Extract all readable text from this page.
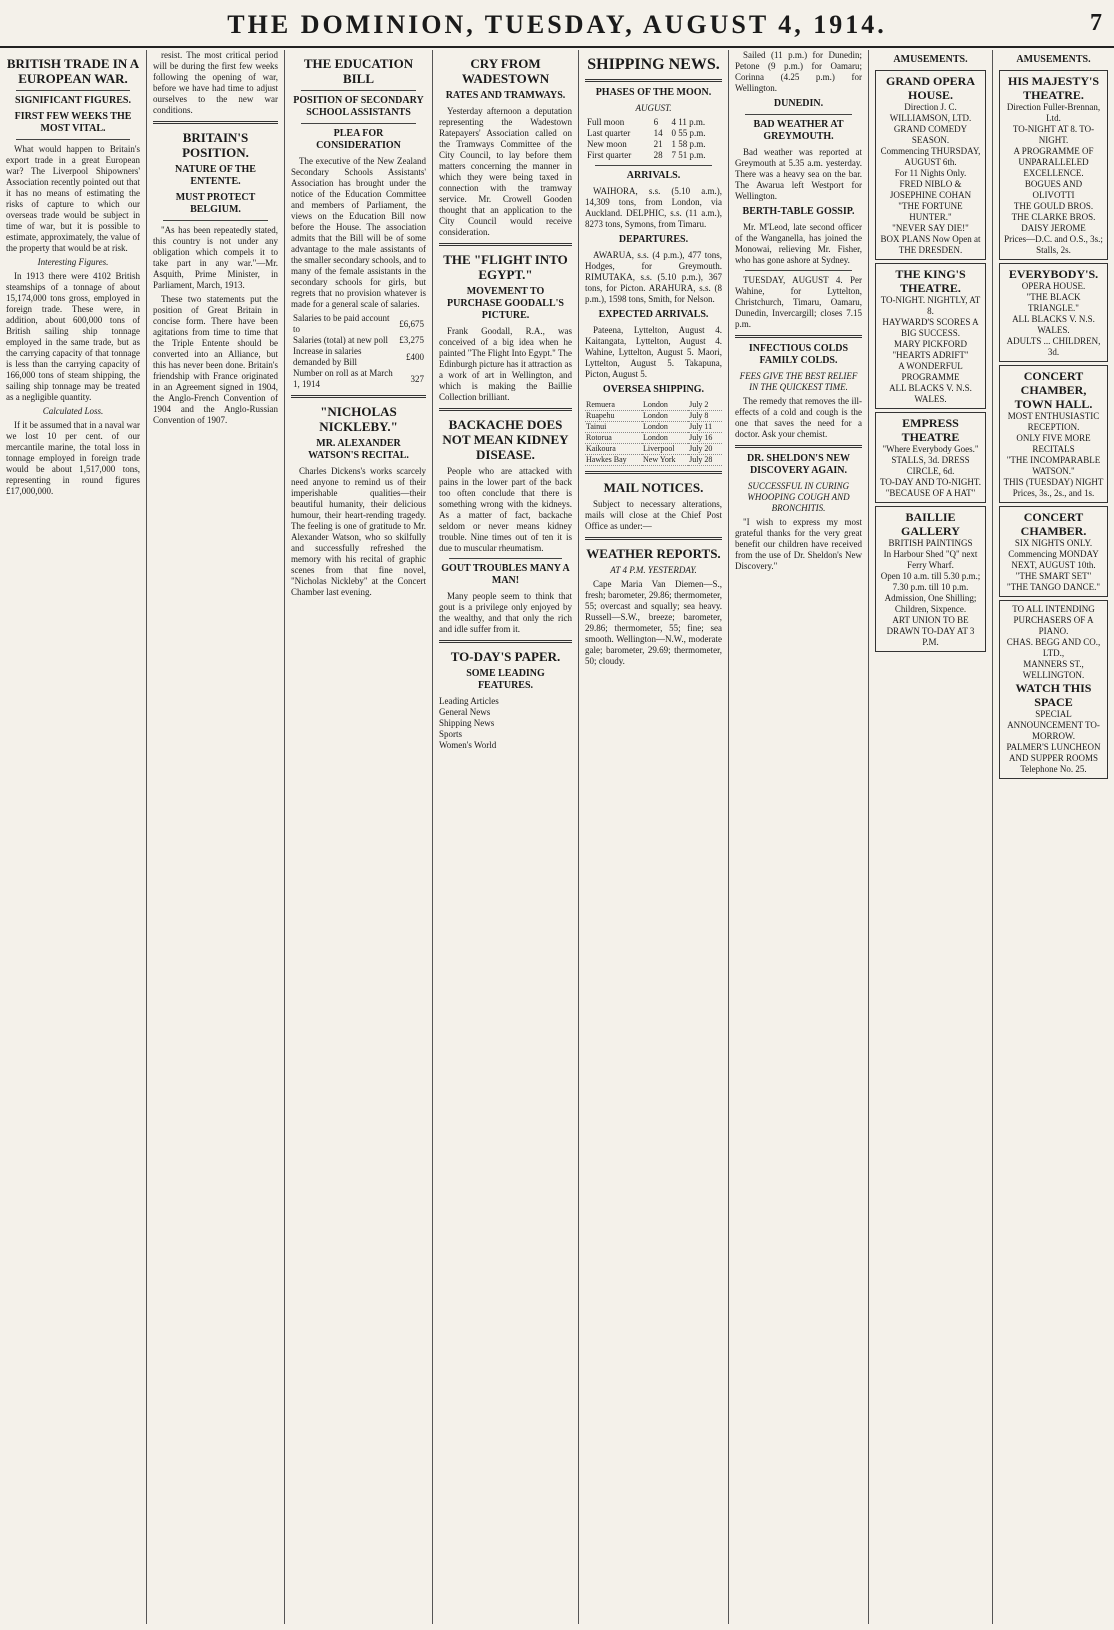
THE DOMINION, TUESDAY, AUGUST 4, 1914.	7
BRITISH TRADE IN A EUROPEAN WAR.
SIGNIFICANT FIGURES.
FIRST FEW WEEKS THE MOST VITAL.

What would happen to Britain's export trade in a great European war? The Liverpool Shipowners' Association recently pointed out that it has no means of estimating the risks of capture to which our overseas trade would be subject in time of war, but it is possible to estimate, approximately, the value of the property that would be at risk.

Interesting Figures.

In 1913 there were 4102 British steamships of a tonnage of about 15,174,000 tons gross, employed in foreign trade. These were, in addition, about 600,000 tons of British sailing ship tonnage employed in the same trade, but as the carrying capacity of that tonnage is less than the carrying capacity of 166,000 tons of steam shipping, the sailing ship tonnage may be treated as a negligible quantity.

Calculated Loss.

If it be assumed that in a naval war we lost 10 per cent. of our mercantile marine, the total loss in tonnage employed in foreign trade would be about 1,517,000 tons, representing in round figures £17,000,000.

resist. The most critical period will be during the first few weeks following the opening of war, before we have had time to adjust ourselves to the new war conditions.

BRITAIN'S POSITION.
NATURE OF THE ENTENTE.
MUST PROTECT BELGIUM.

"As has been repeatedly stated, this country is not under any obligation which compels it to take part in any war."—Mr. Asquith, Prime Minister, in Parliament, March, 1913.

These two statements put the position of Great Britain in concise form. There have been agitations from time to time that the Triple Entente should be converted into an Alliance, but this has never been done. Britain's friendship with France originated in an Agreement signed in 1904, the Anglo-French Convention of 1904 and the Anglo-Russian Convention of 1907.

THE EDUCATION BILL
POSITION OF SECONDARY SCHOOL ASSISTANTS
PLEA FOR CONSIDERATION

The executive of the New Zealand Secondary Schools Assistants' Association has brought under the notice of the Education Committee and members of Parliament, the views on the Education Bill now before the House. The association admits that the Bill will be of some advantage to the male assistants of the smaller secondary schools, and to many of the female assistants in the secondary schools for girls, but regrets that no provision whatever is made for a general scale of salaries.

Salaries to be paid account to	£6,675
Salaries (total) at new poll	£3,275
Increase in salaries demanded by Bill	£400
Number on roll as at March 1, 1914	327
"NICHOLAS NICKLEBY."
MR. ALEXANDER WATSON'S RECITAL.

Charles Dickens's works scarcely need anyone to remind us of their imperishable qualities—their beautiful humanity, their delicious humour, their heart-rending tragedy. The feeling is one of gratitude to Mr. Alexander Watson, who so skilfully and successfully refreshed the memory with his recital of graphic scenes from that fine novel, "Nicholas Nickleby" at the Concert Chamber last evening.

CRY FROM WADESTOWN
RATES AND TRAMWAYS.

Yesterday afternoon a deputation representing the Wadestown Ratepayers' Association called on the Tramways Committee of the City Council, to lay before them matters concerning the manner in which they were being taxed in connection with the tramway service. Mr. Crowell Gooden thought that an application to the City Council would receive consideration.

THE "FLIGHT INTO EGYPT."
MOVEMENT TO PURCHASE GOODALL'S PICTURE.

Frank Goodall, R.A., was conceived of a big idea when he painted "The Flight Into Egypt." The Edinburgh picture has it attraction as a work of art in Wellington, and which is making the Baillie Collection brilliant.

BACKACHE DOES NOT MEAN KIDNEY DISEASE.

People who are attacked with pains in the lower part of the back too often conclude that there is something wrong with the kidneys. As a matter of fact, backache seldom or never means kidney trouble. Nine times out of ten it is due to muscular rheumatism.

GOUT TROUBLES MANY A MAN!

Many people seem to think that gout is a privilege only enjoyed by the wealthy, and that only the rich and idle suffer from it.

TO-DAY'S PAPER.
SOME LEADING FEATURES.
Leading Articles
General News
Shipping News
Sports
Women's World
SHIPPING NEWS.
PHASES OF THE MOON.
AUGUST.
Full moon	6	4 11 p.m.
Last quarter	14	0 55 p.m.
New moon	21	1 58 p.m.
First quarter	28	7 51 p.m.
ARRIVALS.

WAIHORA, s.s. (5.10 a.m.), 14,309 tons, from London, via Auckland. DELPHIC, s.s. (11 a.m.), 8273 tons, Symons, from Timaru.

DEPARTURES.

AWARUA, s.s. (4 p.m.), 477 tons, Hodges, for Greymouth. RIMUTAKA, s.s. (5.10 p.m.), 367 tons, for Picton. ARAHURA, s.s. (8 p.m.), 1598 tons, Smith, for Nelson.

EXPECTED ARRIVALS.

Pateena, Lyttelton, August 4. Kaitangata, Lyttelton, August 4. Wahine, Lyttelton, August 5. Maori, Lyttelton, August 5. Takapuna, Picton, August 5.

OVERSEA SHIPPING.
Remuera	London	July 2
Ruapehu	London	July 8
Tainui	London	July 11
Rotorua	London	July 16
Kaikoura	Liverpool	July 20
Hawkes Bay	New York	July 28
MAIL NOTICES.

Subject to necessary alterations, mails will close at the Chief Post Office as under:—

WEATHER REPORTS.
AT 4 P.M. YESTERDAY.

Cape Maria Van Diemen—S., fresh; barometer, 29.86; thermometer, 55; overcast and squally; sea heavy. Russell—S.W., breeze; barometer, 29.86; thermometer, 55; fine; sea smooth. Wellington—N.W., moderate gale; barometer, 29.69; thermometer, 50; cloudy.

Sailed (11 p.m.) for Dunedin; Petone (9 p.m.) for Oamaru; Corinna (4.25 p.m.) for Wellington.

DUNEDIN.
BAD WEATHER AT GREYMOUTH.

Bad weather was reported at Greymouth at 5.35 a.m. yesterday. There was a heavy sea on the bar. The Awarua left Westport for Wellington.

BERTH-TABLE GOSSIP.

Mr. M'Leod, late second officer of the Wanganella, has joined the Monowai, relieving Mr. Fisher, who has gone ashore at Sydney.

TUESDAY, AUGUST 4. Per Wahine, for Lyttelton, Christchurch, Timaru, Oamaru, Dunedin, Invercargill; closes 7.15 p.m.

INFECTIOUS COLDS FAMILY COLDS.
FEES GIVE THE BEST RELIEF IN THE QUICKEST TIME.

The remedy that removes the ill-effects of a cold and cough is the one that saves the need for a doctor. Ask your chemist.

DR. SHELDON'S NEW DISCOVERY AGAIN.
SUCCESSFUL IN CURING WHOOPING COUGH AND BRONCHITIS.

"I wish to express my most grateful thanks for the very great benefit our children have received from the use of Dr. Sheldon's New Discovery."

AMUSEMENTS.
GRAND OPERA HOUSE.
Direction J. C. WILLIAMSON, LTD.
GRAND COMEDY SEASON.
Commencing THURSDAY, AUGUST 6th.
For 11 Nights Only.
FRED NIBLO & JOSEPHINE COHAN
"THE FORTUNE HUNTER."
"NEVER SAY DIE!"
BOX PLANS Now Open at THE DRESDEN.
THE KING'S THEATRE.
TO-NIGHT. NIGHTLY, AT 8.
HAYWARD'S SCORES A BIG SUCCESS.
MARY PICKFORD "HEARTS ADRIFT"
A WONDERFUL PROGRAMME
ALL BLACKS V. N.S. WALES.
EMPRESS THEATRE
"Where Everybody Goes."
STALLS, 3d. DRESS CIRCLE, 6d.
TO-DAY AND TO-NIGHT.
"BECAUSE OF A HAT"
BAILLIE GALLERY
BRITISH PAINTINGS
In Harbour Shed "Q" next Ferry Wharf.
Open 10 a.m. till 5.30 p.m.; 7.30 p.m. till 10 p.m.
Admission, One Shilling; Children, Sixpence.
ART UNION TO BE DRAWN TO-DAY AT 3 P.M.
AMUSEMENTS.
HIS MAJESTY'S THEATRE.
Direction Fuller-Brennan, Ltd.
TO-NIGHT AT 8. TO-NIGHT.
A PROGRAMME OF UNPARALLELED EXCELLENCE.
BOGUES AND OLIVOTTI
THE GOULD BROS.
THE CLARKE BROS.
DAISY JEROME
Prices—D.C. and O.S., 3s.; Stalls, 2s.
EVERYBODY'S.
OPERA HOUSE.
"THE BLACK TRIANGLE."
ALL BLACKS V. N.S. WALES.
ADULTS ... CHILDREN, 3d.
CONCERT CHAMBER, TOWN HALL.
MOST ENTHUSIASTIC RECEPTION.
ONLY FIVE MORE RECITALS
"THE INCOMPARABLE WATSON."
THIS (TUESDAY) NIGHT
Prices, 3s., 2s., and 1s.
CONCERT CHAMBER.
SIX NIGHTS ONLY.
Commencing MONDAY NEXT, AUGUST 10th.
"THE SMART SET"
"THE TANGO DANCE."
TO ALL INTENDING PURCHASERS OF A PIANO.
CHAS. BEGG AND CO., LTD.,
MANNERS ST., WELLINGTON.
WATCH THIS SPACE
SPECIAL ANNOUNCEMENT TO-MORROW.
PALMER'S LUNCHEON AND SUPPER ROOMS
Telephone No. 25.
